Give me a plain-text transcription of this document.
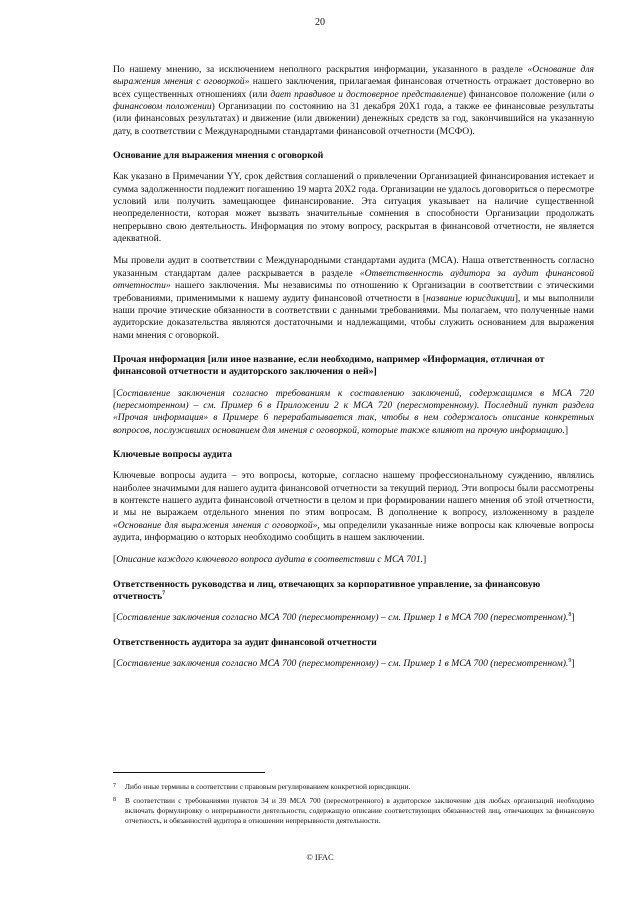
20

По нашему мнению, за исключением неполного раскрытия информации, указанного в разделе «Основание для выражения мнения с оговоркой» нашего заключения, прилагаемая финансовая отчетность отражает достоверно во всех существенных отношениях (или дает правдивое и достоверное представление) финансовое положение (или о финансовом положении) Организации по состоянию на 31 декабря 20X1 года, а также ее финансовые результаты (или финансовых результатах) и движение (или движении) денежных средств за год, закончившийся на указанную дату, в соответствии с Международными стандартами финансовой отчетности (МСФО).

Основание для выражения мнения с оговоркой

Как указано в Примечании YY, срок действия соглашений о привлечении Организацией финансирования истекает и сумма задолженности подлежит погашению 19 марта 20X2 года. Организации не удалось договориться о пересмотре условий или получить замещающее финансирование. Эта ситуация указывает на наличие существенной неопределенности, которая может вызвать значительные сомнения в способности Организации продолжать непрерывно свою деятельность. Информация по этому вопросу, раскрытая в финансовой отчетности, не является адекватной.

Мы провели аудит в соответствии с Международными стандартами аудита (МСА). Наша ответственность согласно указанным стандартам далее раскрывается в разделе «Ответственность аудитора за аудит финансовой отчетности» нашего заключения. Мы независимы по отношению к Организации в соответствии с этическими требованиями, применимыми к нашему аудиту финансовой отчетности в [название юрисдикции], и мы выполнили наши прочие этические обязанности в соответствии с данными требованиями. Мы полагаем, что полученные нами аудиторские доказательства являются достаточными и надлежащими, чтобы служить основанием для выражения нами мнения с оговоркой.

Прочая информация [или иное название, если необходимо, например «Информация, отличная от финансовой отчетности и аудиторского заключения о ней»]

[Составление заключения согласно требованиям к составлению заключений, содержащимся в МСА 720 (пересмотренном) – см. Пример 6 в Приложении 2 к МСА 720 (пересмотренному). Последний пункт раздела «Прочая информация» в Примере 6 перерабатывается так, чтобы в нем содержалось описание конкретных вопросов, послуживших основанием для мнения с оговоркой, которые также влияют на прочую информацию.]

Ключевые вопросы аудита

Ключевые вопросы аудита – это вопросы, которые, согласно нашему профессиональному суждению, являлись наиболее значимыми для нашего аудита финансовой отчетности за текущий период. Эти вопросы были рассмотрены в контексте нашего аудита финансовой отчетности в целом и при формировании нашего мнения об этой отчетности, и мы не выражаем отдельного мнения по этим вопросам. В дополнение к вопросу, изложенному в разделе «Основание для выражения мнения с оговоркой», мы определили указанные ниже вопросы как ключевые вопросы аудита, информацию о которых необходимо сообщить в нашем заключении.

[Описание каждого ключевого вопроса аудита в соответствии с МСА 701.]

Ответственность руководства и лиц, отвечающих за корпоративное управление, за финансовую отчетность$^7$

[Составление заключения согласно МСА 700 (пересмотренному) – см. Пример 1 в МСА 700 (пересмотренном).$^8$]

Ответственность аудитора за аудит финансовой отчетности

[Составление заключения согласно МСА 700 (пересмотренному) – см. Пример 1 в МСА 700 (пересмотренном).$^9$]

7	Либо иные термины в соответствии с правовым регулированием конкретной юрисдикции.
8	В соответствии с требованиями пунктов 34 и 39 МСА 700 (пересмотренного) в аудиторское заключение для любых организаций необходимо включать формулировку о непрерывности деятельности, содержащую описание соответствующих обязанностей лиц, отвечающих за финансовую отчетность, и обязанностей аудитора в отношении непрерывности деятельности.
© IFAC
